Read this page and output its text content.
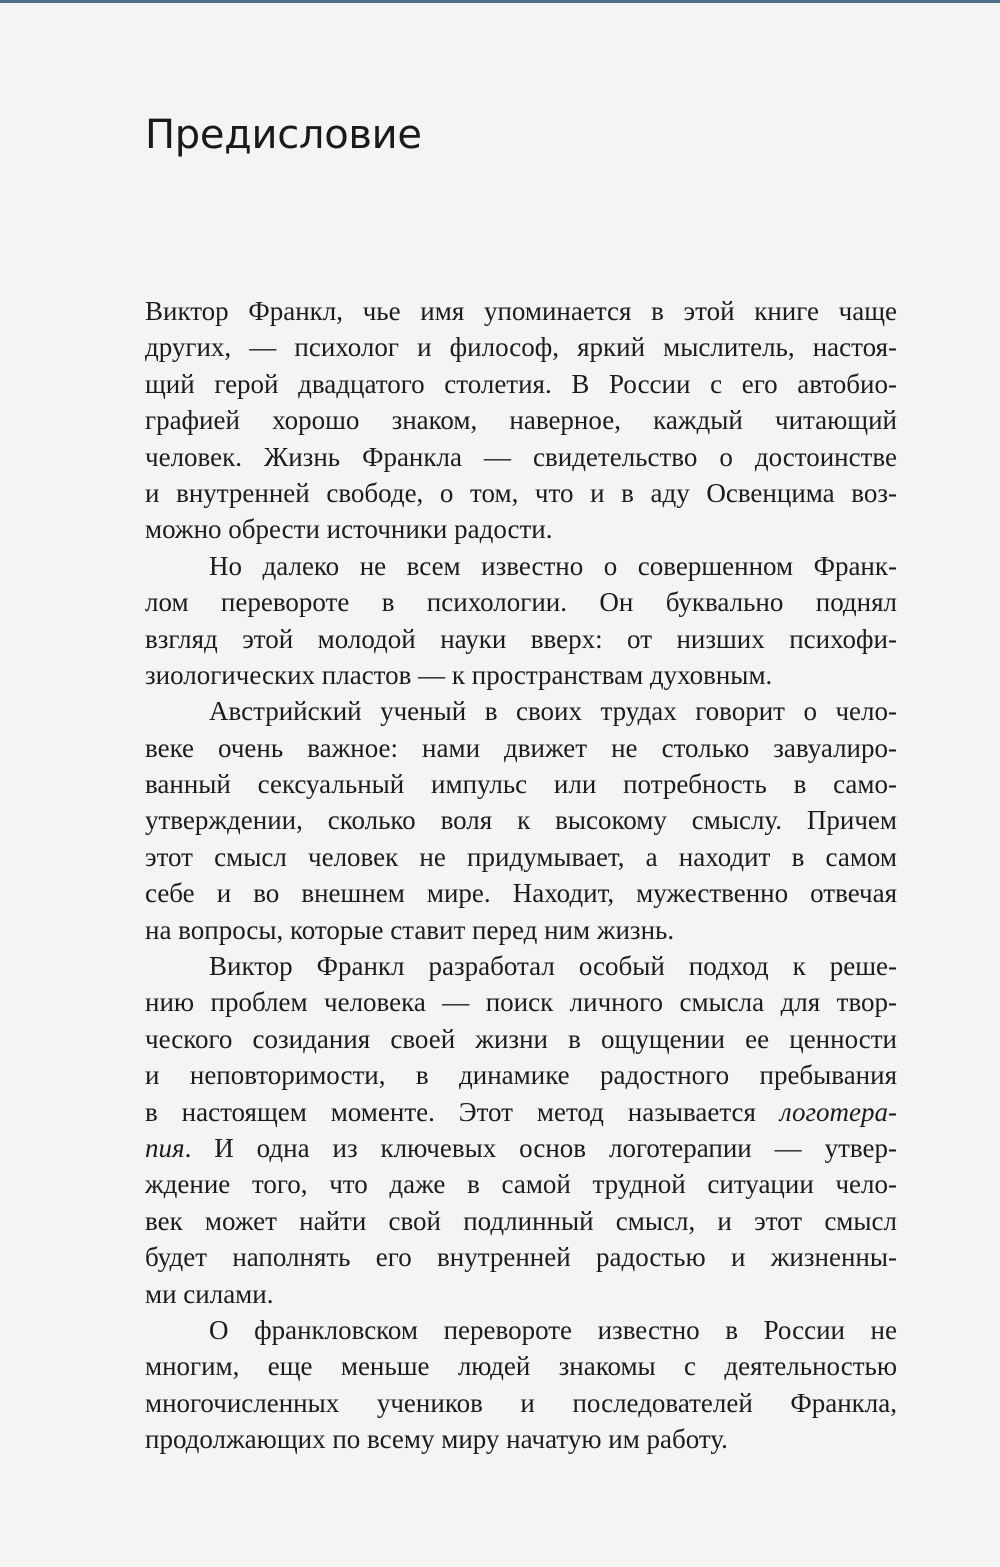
Предисловие
Виктор Франкл, чье имя упоминается в этой книге чаще
других, — психолог и философ, яркий мыслитель, настоя-
щий герой двадцатого столетия. В России с его автобио-
графией хорошо знаком, наверное, каждый читающий
человек. Жизнь Франкла — свидетельство о достоинстве
и внутренней свободе, о том, что и в аду Освенцима воз-
можно обрести источники радости.
Но далеко не всем известно о совершенном Франк-
лом перевороте в психологии. Он буквально поднял
взгляд этой молодой науки вверх: от низших психофи-
зиологических пластов — к пространствам духовным.
Австрийский ученый в своих трудах говорит о чело-
веке очень важное: нами движет не столько завуалиро-
ванный сексуальный импульс или потребность в само-
утверждении, сколько воля к высокому смыслу. Причем
этот смысл человек не придумывает, а находит в самом
себе и во внешнем мире. Находит, мужественно отвечая
на вопросы, которые ставит перед ним жизнь.
Виктор Франкл разработал особый подход к реше-
нию проблем человека — поиск личного смысла для твор-
ческого созидания своей жизни в ощущении ее ценности
и неповторимости, в динамике радостного пребывания
в настоящем моменте. Этот метод называется логотера-
пия. И одна из ключевых основ логотерапии — утвер-
ждение того, что даже в самой трудной ситуации чело-
век может найти свой подлинный смысл, и этот смысл
будет наполнять его внутренней радостью и жизненны-
ми силами.
О франкловском перевороте известно в России не
многим, еще меньше людей знакомы с деятельностью
многочисленных учеников и последователей Франкла,
продолжающих по всему миру начатую им работу.
